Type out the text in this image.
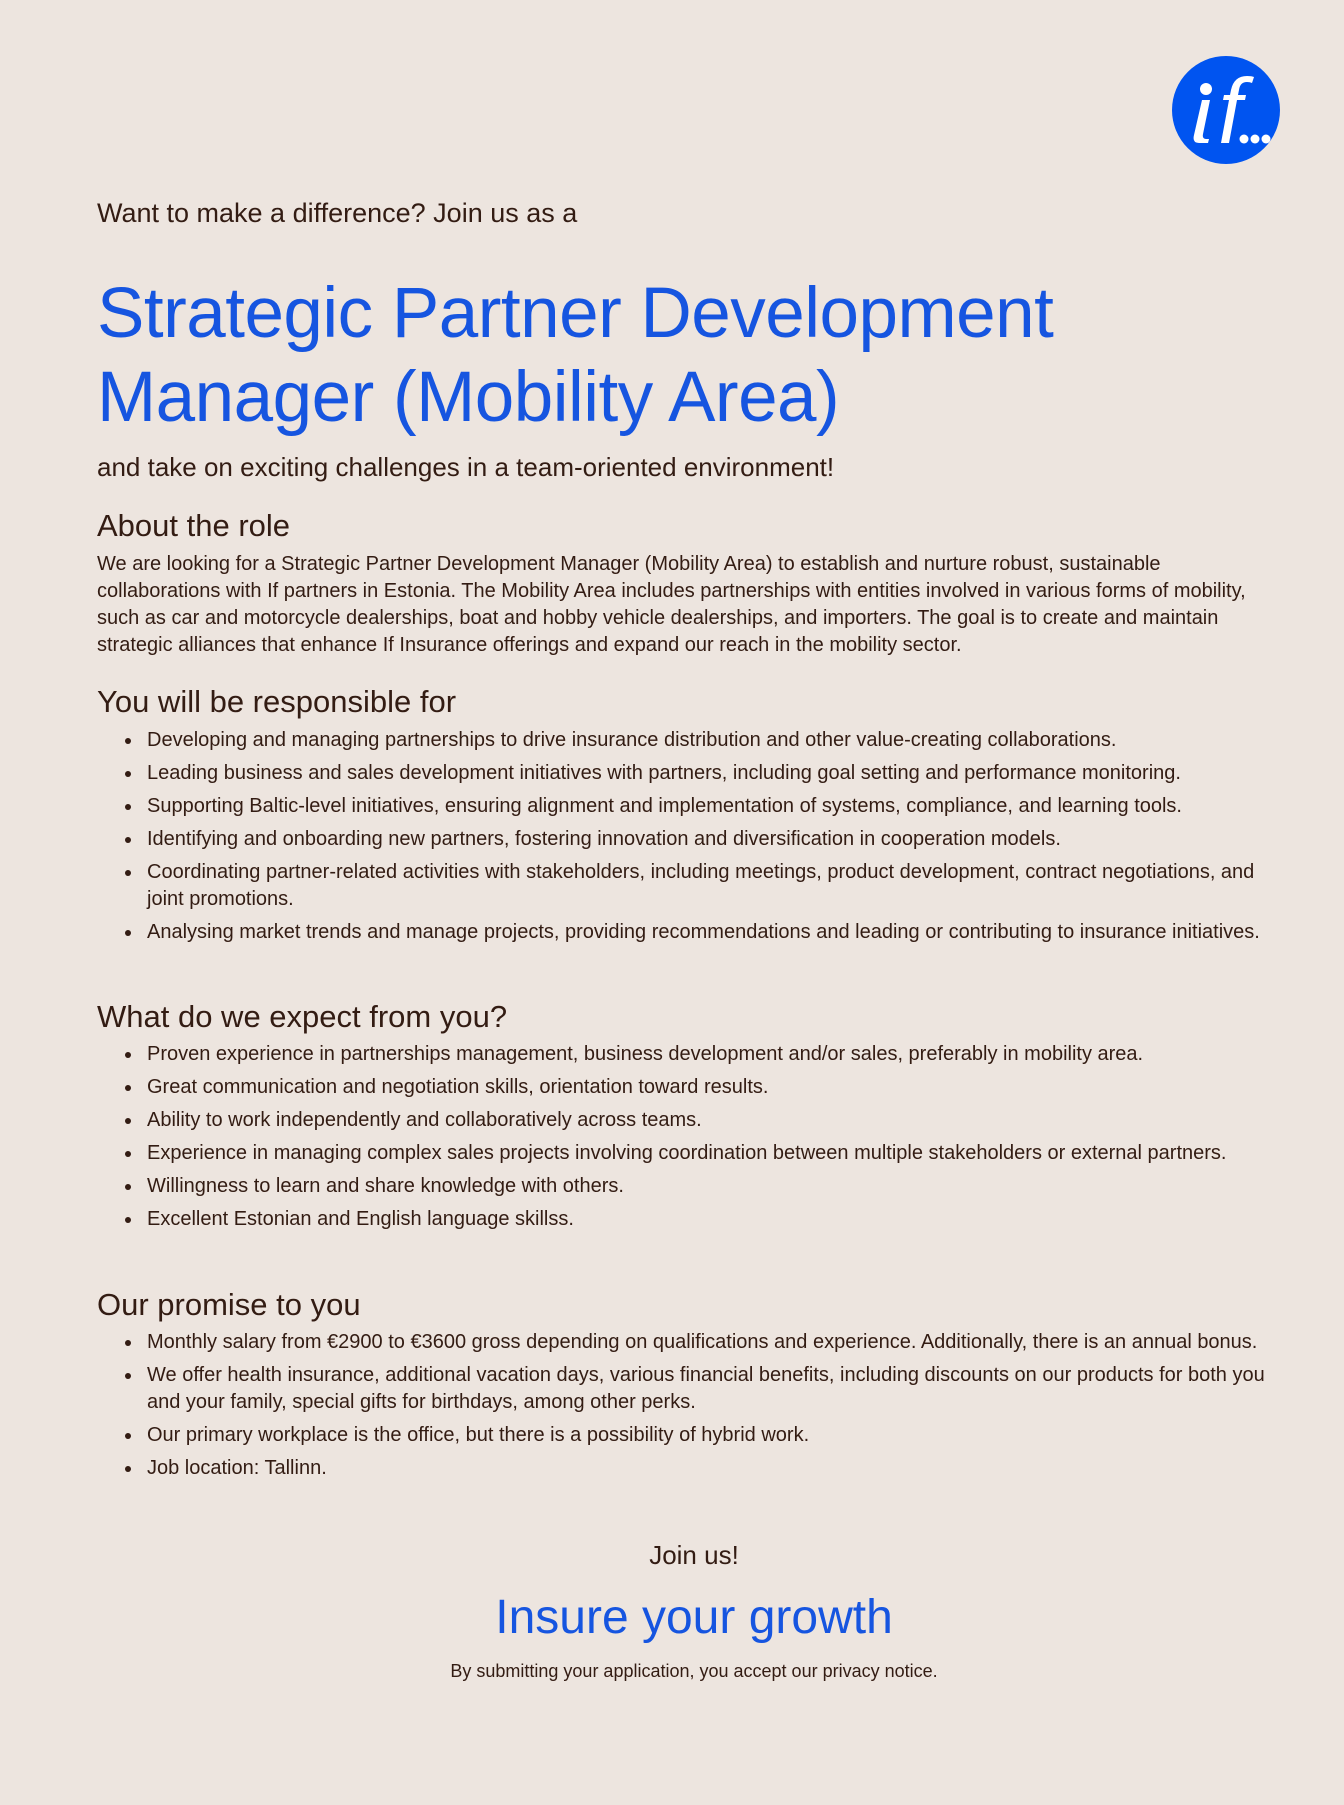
Want to make a difference? Join us as a

Strategic Partner Development Manager (Mobility Area)

and take on exciting challenges in a team-oriented environment!

About the role

We are looking for a Strategic Partner Development Manager (Mobility Area) to establish and nurture robust, sustainable collaborations with If partners in Estonia. The Mobility Area includes partnerships with entities involved in various forms of mobility, such as car and motorcycle dealerships, boat and hobby vehicle dealerships, and importers. The goal is to create and maintain strategic alliances that enhance If Insurance offerings and expand our reach in the mobility sector.

You will be responsible for
Developing and managing partnerships to drive insurance distribution and other value-creating collaborations.
Leading business and sales development initiatives with partners, including goal setting and performance monitoring.
Supporting Baltic-level initiatives, ensuring alignment and implementation of systems, compliance, and learning tools.
Identifying and onboarding new partners, fostering innovation and diversification in cooperation models.
Coordinating partner-related activities with stakeholders, including meetings, product development, contract negotiations, and joint promotions.
Analysing market trends and manage projects, providing recommendations and leading or contributing to insurance initiatives.
What do we expect from you?
Proven experience in partnerships management, business development and/or sales, preferably in mobility area.
Great communication and negotiation skills, orientation toward results.
Ability to work independently and collaboratively across teams.
Experience in managing complex sales projects involving coordination between multiple stakeholders or external partners.
Willingness to learn and share knowledge with others.
Excellent Estonian and English language skillss.
Our promise to you
Monthly salary from €2900 to €3600 gross depending on qualifications and experience. Additionally, there is an annual bonus.
We offer health insurance, additional vacation days, various financial benefits, including discounts on our products for both you and your family, special gifts for birthdays, among other perks.
Our primary workplace is the office, but there is a possibility of hybrid work.
Job location: Tallinn.

Join us!

Insure your growth

By submitting your application, you accept our privacy notice.
